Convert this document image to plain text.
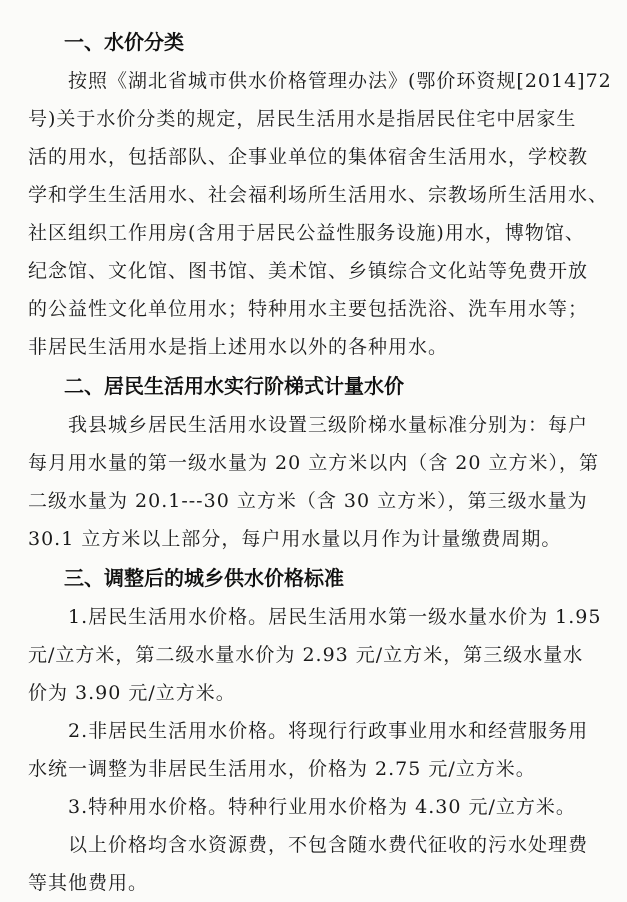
一、水价分类

按照《湖北省城市供水价格管理办法》(鄂价环资规[2014]72
号)关于水价分类的规定，居民生活用水是指居民住宅中居家生
活的用水，包括部队、企事业单位的集体宿舍生活用水，学校教
学和学生生活用水、社会福利场所生活用水、宗教场所生活用水、
社区组织工作用房(含用于居民公益性服务设施)用水，博物馆、
纪念馆、文化馆、图书馆、美术馆、乡镇综合文化站等免费开放
的公益性文化单位用水；特种用水主要包括洗浴、洗车用水等；
非居民生活用水是指上述用水以外的各种用水。

二、居民生活用水实行阶梯式计量水价

我县城乡居民生活用水设置三级阶梯水量标准分别为：每户
每月用水量的第一级水量为 20 立方米以内（含 20 立方米），第
二级水量为 20.1---30 立方米（含 30 立方米），第三级水量为
30.1 立方米以上部分，每户用水量以月作为计量缴费周期。

三、调整后的城乡供水价格标准

1.居民生活用水价格。居民生活用水第一级水量水价为 1.95
元/立方米，第二级水量水价为 2.93 元/立方米，第三级水量水
价为 3.90 元/立方米。

2.非居民生活用水价格。将现行行政事业用水和经营服务用
水统一调整为非居民生活用水，价格为 2.75 元/立方米。

3.特种用水价格。特种行业用水价格为 4.30 元/立方米。

以上价格均含水资源费，不包含随水费代征收的污水处理费
等其他费用。
